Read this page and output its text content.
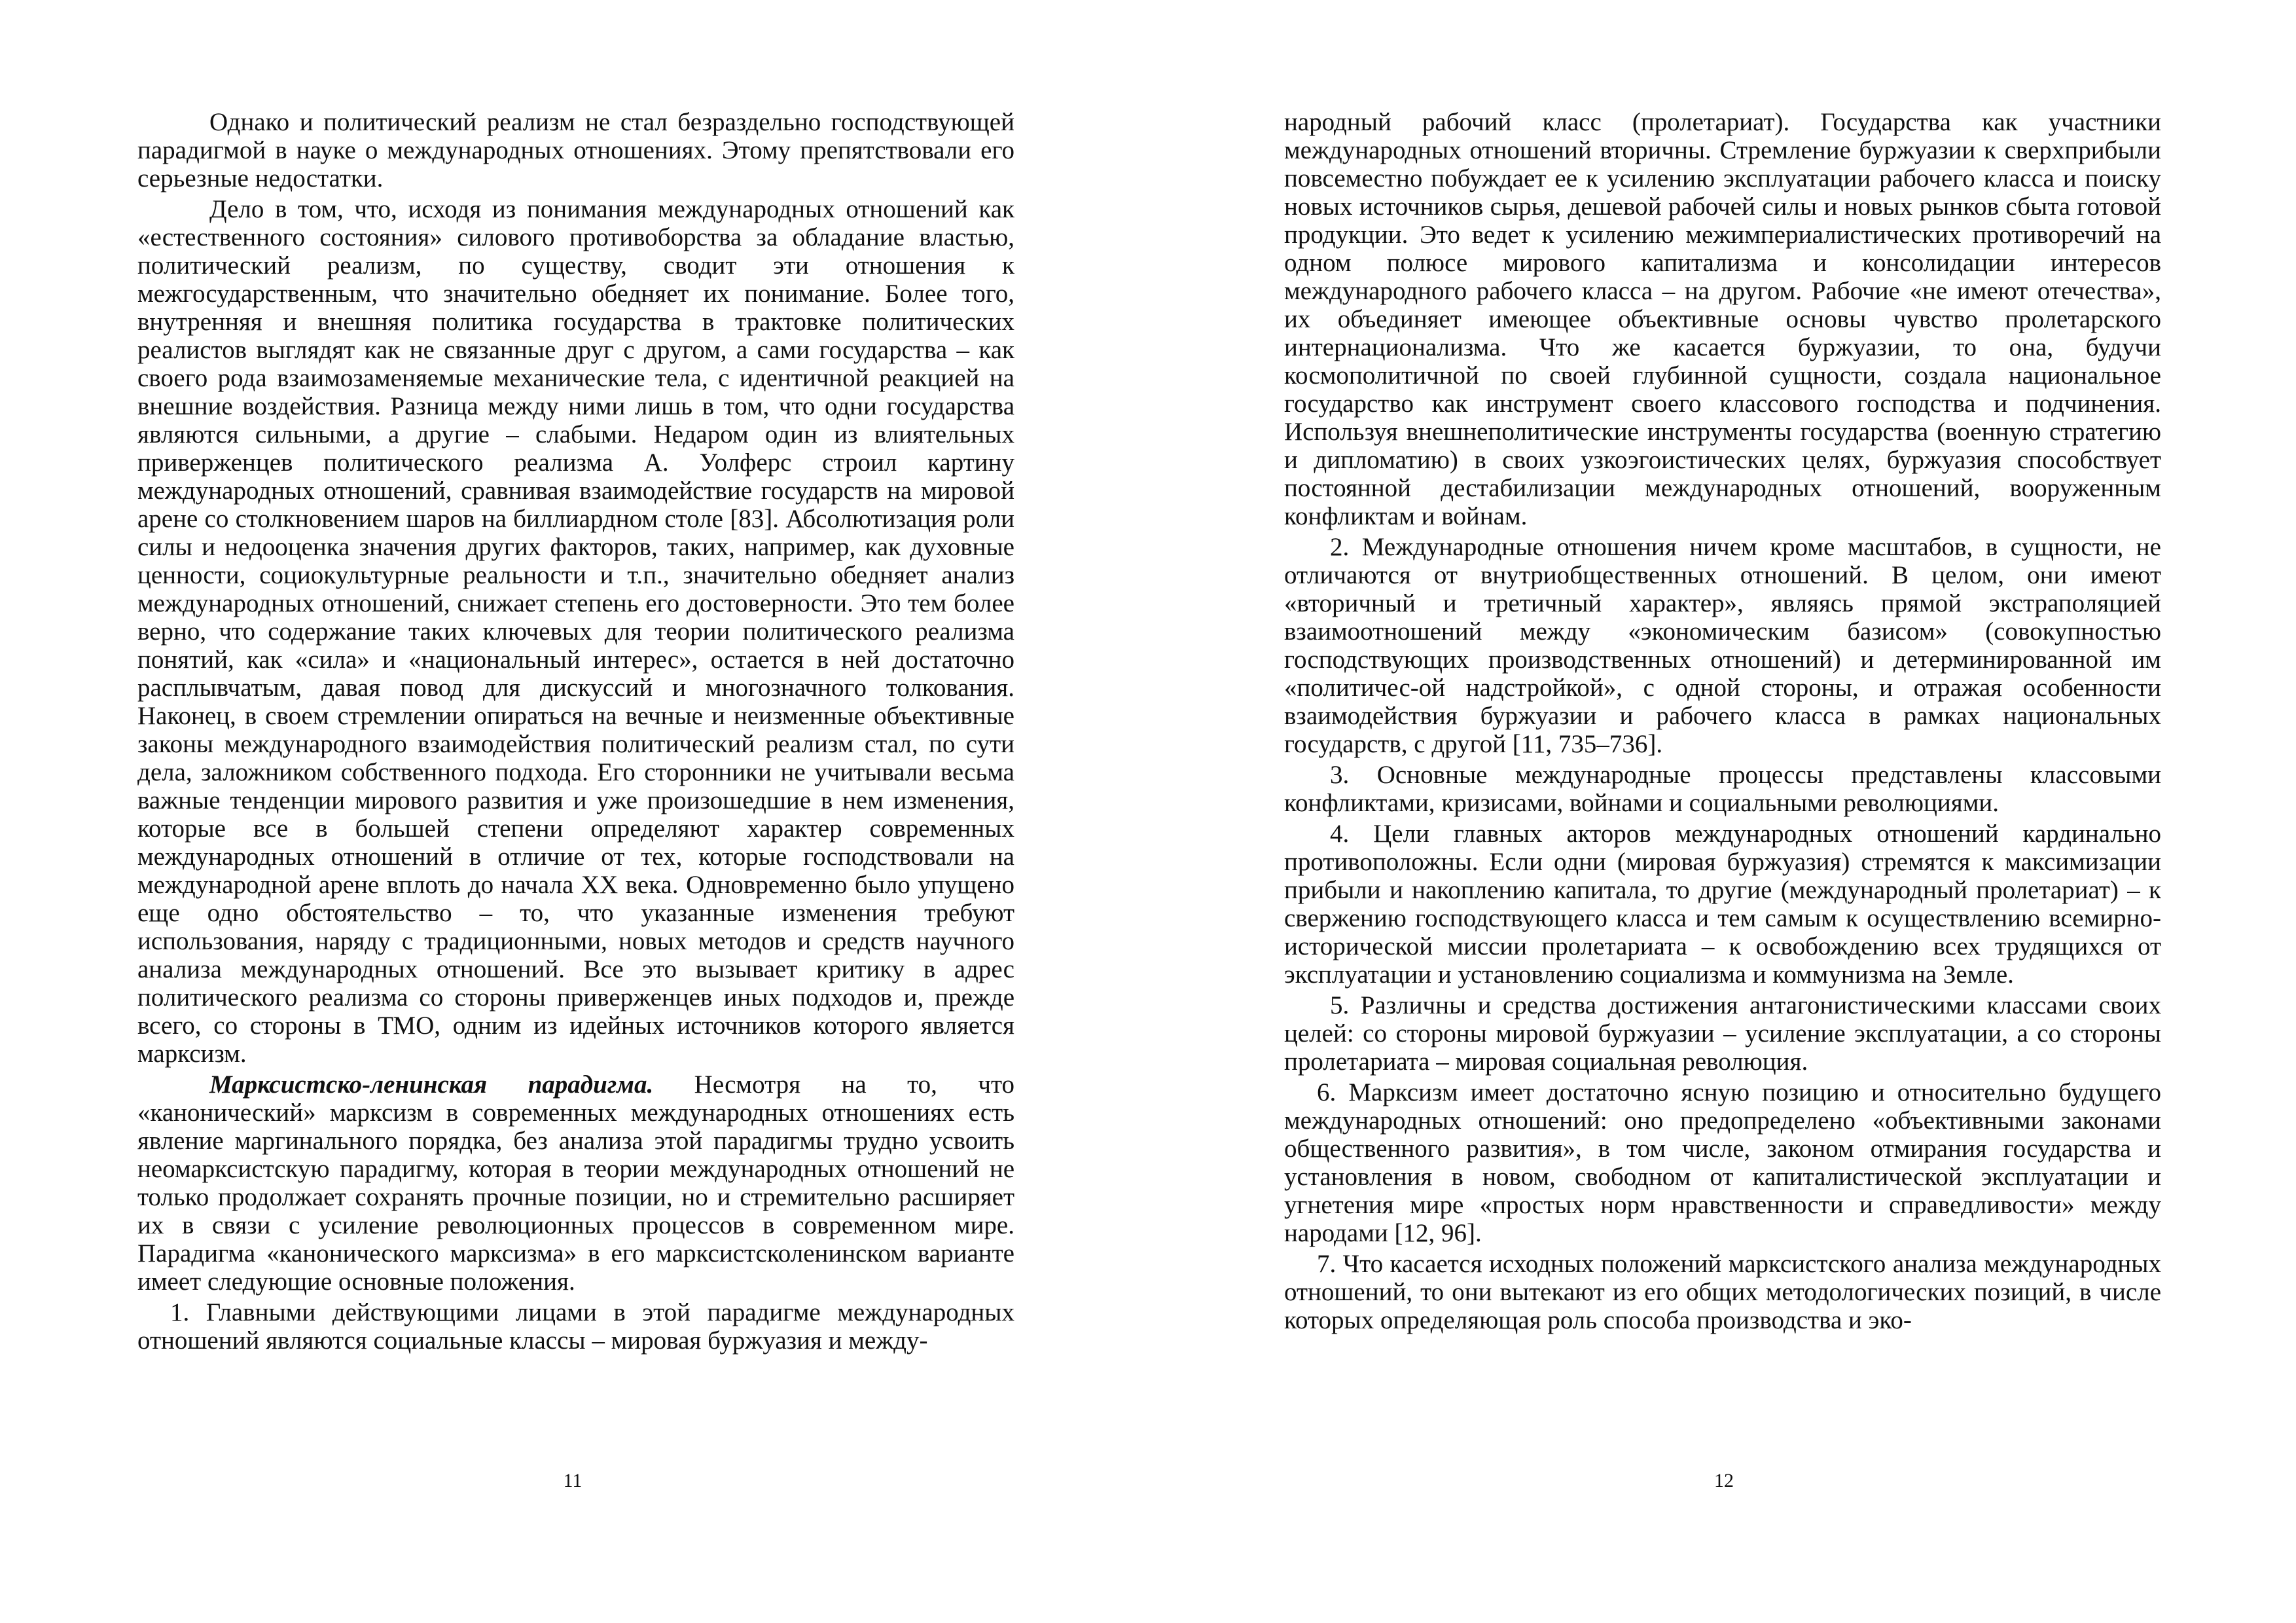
Однако и политический реализм не стал безраздельно господствующей парадигмой в науке о международных отношениях. Этому препятствовали его серьезные недостатки.

Дело в том, что, исходя из понимания международных отношений как «естественного состояния» силового противоборства за обладание властью, политический реализм, по существу, сводит эти отношения к межгосударственным, что значительно обедняет их понимание. Более того, внутренняя и внешняя политика государства в трактовке политических реалистов выглядят как не связанные друг с другом, а сами государства – как своего рода взаимозаменяемые механические тела, с идентичной реакцией на внешние воздействия. Разница между ними лишь в том, что одни государства являются сильными, а другие – слабыми. Недаром один из влиятельных приверженцев политического реализма А. Уолферс строил картину международных отношений, сравнивая взаимодействие государств на мировой арене со столкновением шаров на биллиардном столе [83]. Абсолютизация роли силы и недооценка значения других факторов, таких, например, как духовные ценности, социокультурные реальности и т.п., значительно обедняет анализ международных отношений, снижает степень его достоверности. Это тем более верно, что содержание таких ключевых для теории политического реализма понятий, как «сила» и «национальный интерес», остается в ней достаточно расплывчатым, давая повод для дискуссий и многозначного толкования. Наконец, в своем стремлении опираться на вечные и неизменные объективные законы международного взаимодействия политический реализм стал, по сути дела, заложником собственного подхода. Его сторонники не учитывали весьма важные тенденции мирового развития и уже произошедшие в нем изменения, которые все в большей степени определяют характер современных международных отношений в отличие от тех, которые господствовали на международной арене вплоть до начала XX века. Одновременно было упущено еще одно обстоятельство – то, что указанные изменения требуют использования, наряду с традиционными, новых методов и средств научного анализа международных отношений. Все это вызывает критику в адрес политического реализма со стороны приверженцев иных подходов и, прежде всего, со стороны в ТМО, одним из идейных источников которого является марксизм.

Марксистско-ленинская парадигма. Несмотря на то, что «канонический» марксизм в современных международных отношениях есть явление маргинального порядка, без анализа этой парадигмы трудно усвоить неомарксистскую парадигму, которая в теории международных отношений не только продолжает сохранять прочные позиции, но и стремительно расширяет их в связи с усиление революционных процессов в современном мире. Парадигма «канонического марксизма» в его марксистсколенинском варианте имеет следующие основные положения.

1. Главными действующими лицами в этой парадигме международных отношений являются социальные классы – мировая буржуазия и между-

11

народный рабочий класс (пролетариат). Государства как участники международных отношений вторичны. Стремление буржуазии к сверхприбыли повсеместно побуждает ее к усилению эксплуатации рабочего класса и поиску новых источников сырья, дешевой рабочей силы и новых рынков сбыта готовой продукции. Это ведет к усилению межимпериалистических противоречий на одном полюсе мирового капитализма и консолидации интересов международного рабочего класса – на другом. Рабочие «не имеют отечества», их объединяет имеющее объективные основы чувство пролетарского интернационализма. Что же касается буржуазии, то она, будучи космополитичной по своей глубинной сущности, создала национальное государство как инструмент своего классового господства и подчинения. Используя внешнеполитические инструменты государства (военную стратегию и дипломатию) в своих узкоэгоистических целях, буржуазия способствует постоянной дестабилизации международных отношений, вооруженным конфликтам и войнам.

2. Международные отношения ничем кроме масштабов, в сущности, не отличаются от внутриобщественных отношений. В целом, они имеют «вторичный и третичный характер», являясь прямой экстраполяцией взаимоотношений между «экономическим базисом» (совокупностью господствующих производственных отношений) и детерминированной им «политичес-ой надстройкой», с одной стороны, и отражая особенности взаимодействия буржуазии и рабочего класса в рамках национальных государств, с другой [11, 735–736].

3. Основные международные процессы представлены классовыми конфликтами, кризисами, войнами и социальными революциями.

4. Цели главных акторов международных отношений кардинально противоположны. Если одни (мировая буржуазия) стремятся к максимизации прибыли и накоплению капитала, то другие (международный пролетариат) – к свержению господствующего класса и тем самым к осуществлению всемирно-исторической миссии пролетариата – к освобождению всех трудящихся от эксплуатации и установлению социализма и коммунизма на Земле.

5. Различны и средства достижения антагонистическими классами своих целей: со стороны мировой буржуазии – усиление эксплуатации, а со стороны пролетариата – мировая социальная революция.

6. Марксизм имеет достаточно ясную позицию и относительно будущего международных отношений: оно предопределено «объективными законами общественного развития», в том числе, законом отмирания государства и установления в новом, свободном от капиталистической эксплуатации и угнетения мире «простых норм нравственности и справедливости» между народами [12, 96].

7. Что касается исходных положений марксистского анализа международных отношений, то они вытекают из его общих методологических позиций, в числе которых определяющая роль способа производства и эко-

12
